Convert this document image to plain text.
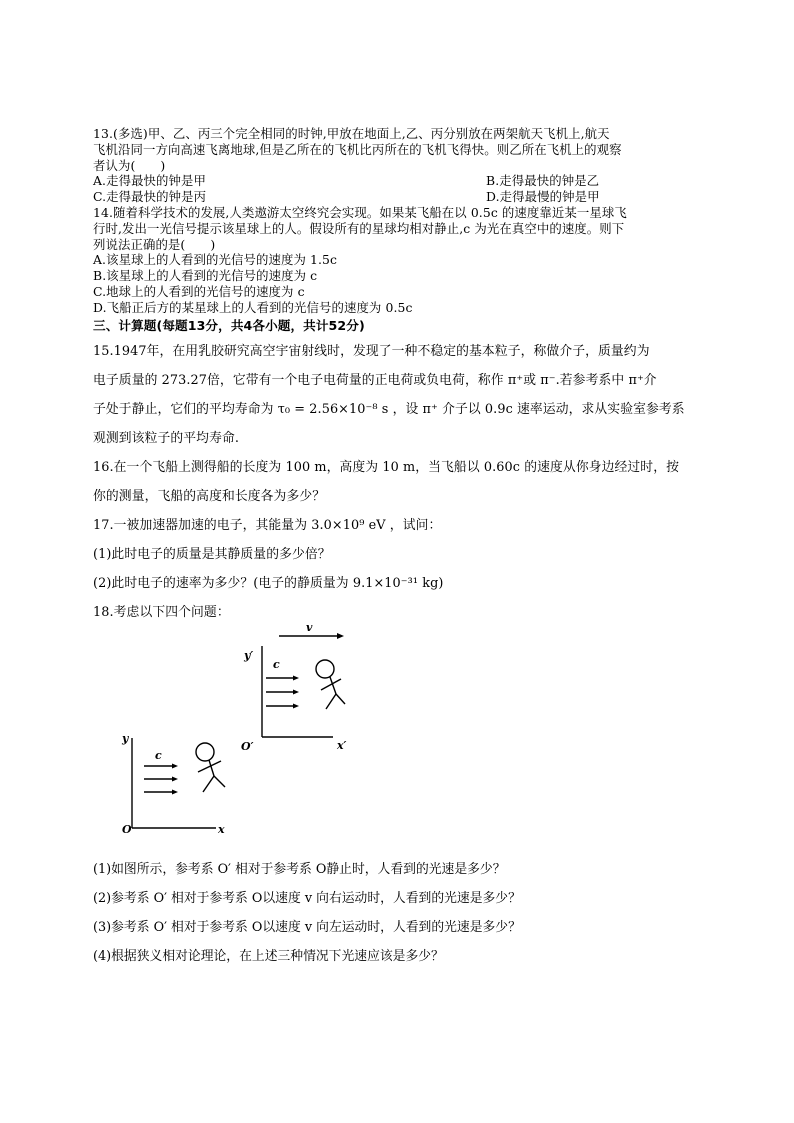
13.(多选)甲、乙、丙三个完全相同的时钟,甲放在地面上,乙、丙分别放在两架航天飞机上,航天

飞机沿同一方向高速飞离地球,但是乙所在的飞机比丙所在的飞机飞得快。则乙所在飞机上的观察

者认为(　　)

A.走得最快的钟是甲	B.走得最快的钟是乙
C.走得最快的钟是丙	D.走得最慢的钟是甲

14.随着科学技术的发展,人类遨游太空终究会实现。如果某飞船在以 0.5c 的速度靠近某一星球飞

行时,发出一光信号提示该星球上的人。假设所有的星球均相对静止,c 为光在真空中的速度。则下

列说法正确的是(　　)

A.该星球上的人看到的光信号的速度为 1.5c

B.该星球上的人看到的光信号的速度为 c

C.地球上的人看到的光信号的速度为 c

D.飞船正后方的某星球上的人看到的光信号的速度为 0.5c

三、计算题(每题13分，共4各小题，共计52分)

15.1947年，在用乳胶研究高空宇宙射线时，发现了一种不稳定的基本粒子，称做介子，质量约为

电子质量的 273.27倍，它带有一个电子电荷量的正电荷或负电荷，称作 π⁺或 π⁻.若参考系中 π⁺介

子处于静止，它们的平均寿命为 τ₀ = 2.56×10⁻⁸ s ，设 π⁺ 介子以 0.9c 速率运动，求从实验室参考系

观测到该粒子的平均寿命.

16.在一个飞船上测得船的长度为 100 m，高度为 10 m，当飞船以 0.60c 的速度从你身边经过时，按

你的测量，飞船的高度和长度各为多少？

17.一被加速器加速的电子，其能量为 3.0×10⁹ eV ，试问：

(1)此时电子的质量是其静质量的多少倍？

(2)此时电子的速率为多少？(电子的静质量为 9.1×10⁻³¹ kg)

18.考虑以下四个问题：

v
c
y′
x′
O′
c
y
x
O

(1)如图所示，参考系 O′ 相对于参考系 O静止时，人看到的光速是多少？

(2)参考系 O′ 相对于参考系 O以速度 v 向右运动时，人看到的光速是多少？

(3)参考系 O′ 相对于参考系 O以速度 v 向左运动时，人看到的光速是多少？

(4)根据狭义相对论理论，在上述三种情况下光速应该是多少？
